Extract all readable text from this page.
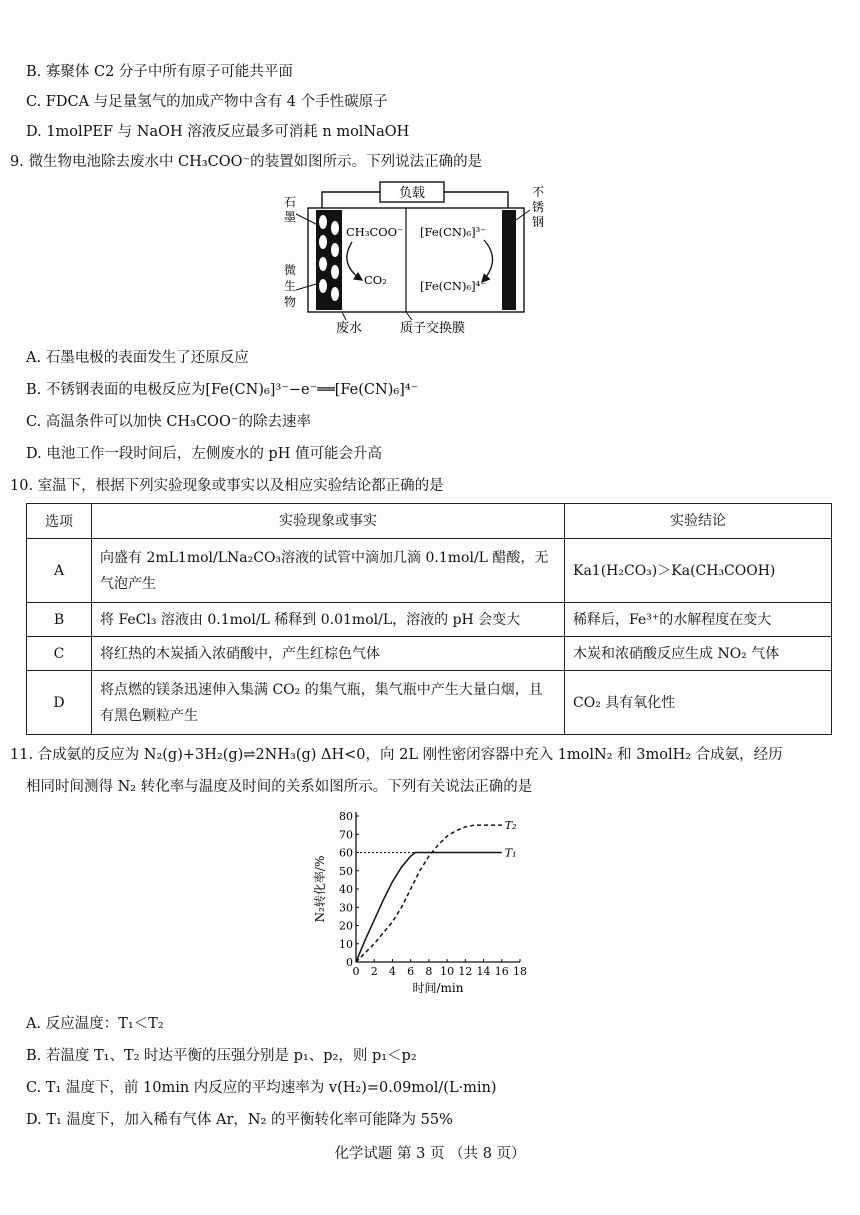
B. 寡聚体 C2 分子中所有原子可能共平面
C. FDCA 与足量氢气的加成产物中含有 4 个手性碳原子
D. 1molPEF 与 NaOH 溶液反应最多可消耗 n molNaOH
9. 微生物电池除去废水中 CH₃COO⁻的装置如图所示。下列说法正确的是
负载
CH₃COO⁻
CO₂
[Fe(CN)₆]³⁻
[Fe(CN)₆]⁴⁻
石
墨
微
生
物
不
锈
钢
废水	质子交换膜
A. 石墨电极的表面发生了还原反应
B. 不锈钢表面的电极反应为[Fe(CN)₆]³⁻−e⁻══[Fe(CN)₆]⁴⁻
C. 高温条件可以加快 CH₃COO⁻的除去速率
D. 电池工作一段时间后，左侧废水的 pH 值可能会升高
10. 室温下，根据下列实验现象或事实以及相应实验结论都正确的是
选项	实验现象或事实	实验结论
A	向盛有 2mL1mol/LNa₂CO₃溶液的试管中滴加几滴 0.1mol/L 醋酸，无气泡产生	Ka1(H₂CO₃)＞Ka(CH₃COOH)
B	将 FeCl₃ 溶液由 0.1mol/L 稀释到 0.01mol/L，溶液的 pH 会变大	稀释后，Fe³⁺的水解程度在变大
C	将红热的木炭插入浓硝酸中，产生红棕色气体	木炭和浓硝酸反应生成 NO₂ 气体
D	将点燃的镁条迅速伸入集满 CO₂ 的集气瓶，集气瓶中产生大量白烟，且有黑色颗粒产生	CO₂ 具有氧化性
11. 合成氨的反应为 N₂(g)+3H₂(g)⇌2NH₃(g) ΔH<0，向 2L 刚性密闭容器中充入 1molN₂ 和 3molH₂ 合成氨，经历
相同时间测得 N₂ 转化率与温度及时间的关系如图所示。下列有关说法正确的是
0
10
20
30
40
50
60
70
80
0 2 4 6 8 10 12 14 16 18
T₁
T₂
时间/min
N₂转化率/%
A. 反应温度：T₁＜T₂
B. 若温度 T₁、T₂ 时达平衡的压强分别是 p₁、p₂，则 p₁＜p₂
C. T₁ 温度下，前 10min 内反应的平均速率为 v(H₂)=0.09mol/(L·min)
D. T₁ 温度下，加入稀有气体 Ar，N₂ 的平衡转化率可能降为 55%
化学试题 第 3 页 （共 8 页）
